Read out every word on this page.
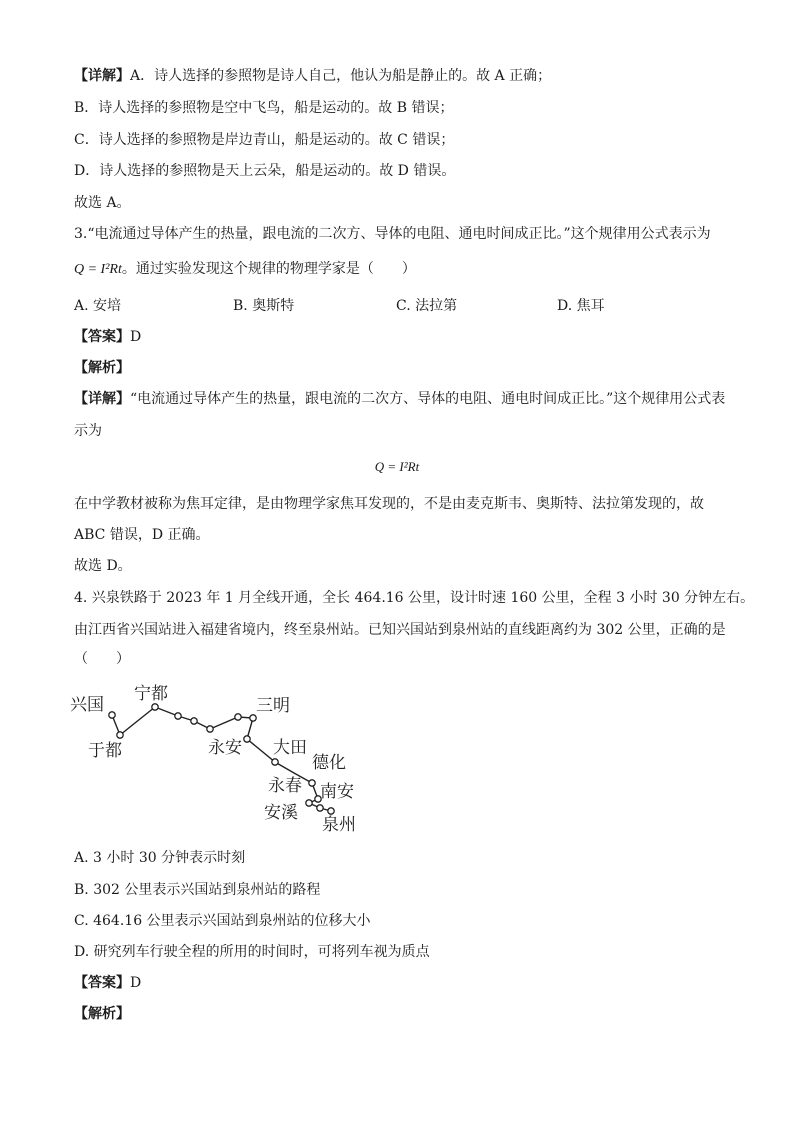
【详解】A．诗人选择的参照物是诗人自己，他认为船是静止的。故 A 正确；
B．诗人选择的参照物是空中飞鸟，船是运动的。故 B 错误；
C．诗人选择的参照物是岸边青山，船是运动的。故 C 错误；
D．诗人选择的参照物是天上云朵，船是运动的。故 D 错误。
故选 A。
3.“电流通过导体产生的热量，跟电流的二次方、导体的电阻、通电时间成正比。”这个规律用公式表示为
Q = I²Rt。通过实验发现这个规律的物理学家是（　　）
A. 安培	B. 奥斯特	C. 法拉第	D. 焦耳
【答案】D
【解析】
【详解】“电流通过导体产生的热量，跟电流的二次方、导体的电阻、通电时间成正比。”这个规律用公式表
示为
Q = I²Rt
在中学教材被称为焦耳定律，是由物理学家焦耳发现的，不是由麦克斯韦、奥斯特、法拉第发现的，故
ABC 错误，D 正确。
故选 D。
4. 兴泉铁路于 2023 年 1 月全线开通，全长 464.16 公里，设计时速 160 公里，全程 3 小时 30 分钟左右。
由江西省兴国站进入福建省境内，终至泉州站。已知兴国站到泉州站的直线距离约为 302 公里，正确的是
（　　）
兴国
于都
宁都
三明
永安 大田
德化
永春 南安
安溪
泉州
A. 3 小时 30 分钟表示时刻
B. 302 公里表示兴国站到泉州站的路程
C. 464.16 公里表示兴国站到泉州站的位移大小
D. 研究列车行驶全程的所用的时间时，可将列车视为质点
【答案】D
【解析】
